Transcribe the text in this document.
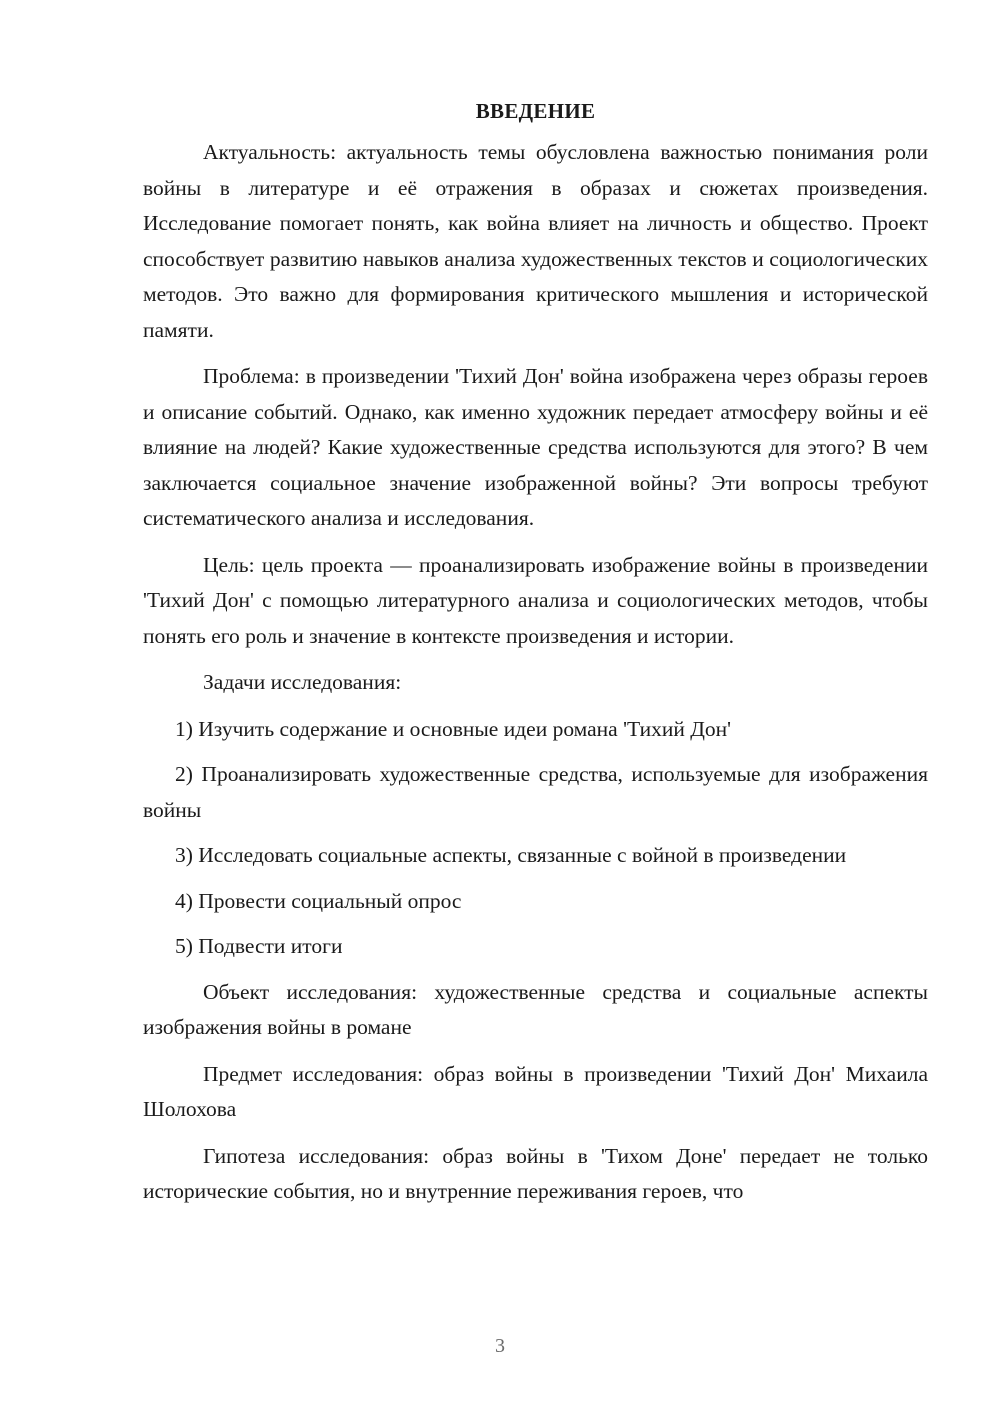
ВВЕДЕНИЕ

Актуальность: актуальность темы обусловлена важностью понимания роли войны в литературе и её отражения в образах и сюжетах произведения. Исследование помогает понять, как война влияет на личность и общество. Проект способствует развитию навыков анализа художественных текстов и социологических методов. Это важно для формирования критического мышления и исторической памяти.

Проблема: в произведении 'Тихий Дон' война изображена через образы героев и описание событий. Однако, как именно художник передает атмосферу войны и её влияние на людей? Какие художественные средства используются для этого? В чем заключается социальное значение изображенной войны? Эти вопросы требуют систематического анализа и исследования.

Цель: цель проекта — проанализировать изображение войны в произведении 'Тихий Дон' с помощью литературного анализа и социологических методов, чтобы понять его роль и значение в контексте произведения и истории.

Задачи исследования:

1) Изучить содержание и основные идеи романа 'Тихий Дон'

2) Проанализировать художественные средства, используемые для изображения войны

3) Исследовать социальные аспекты, связанные с войной в произведении

4) Провести социальный опрос

5) Подвести итоги

Объект исследования: художественные средства и социальные аспекты изображения войны в романе

Предмет исследования: образ войны в произведении 'Тихий Дон' Михаила Шолохова

Гипотеза исследования: образ войны в 'Тихом Доне' передает не только исторические события, но и внутренние переживания героев, что

3
